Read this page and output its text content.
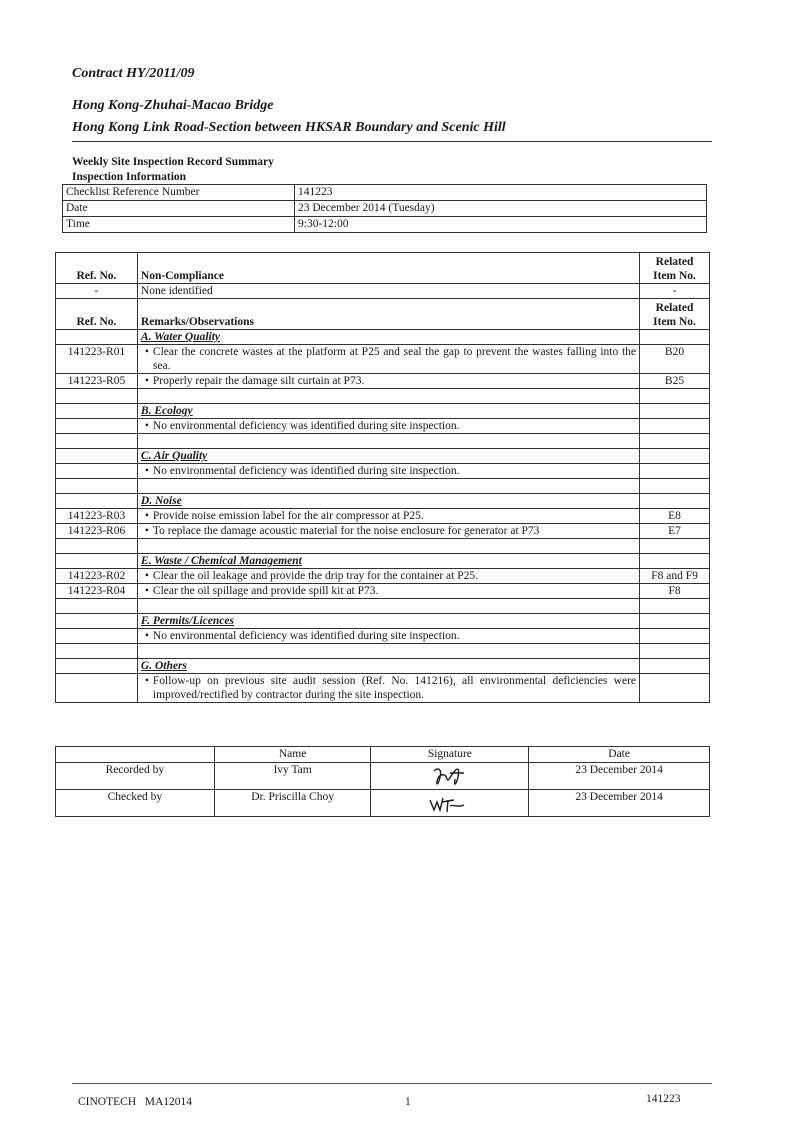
Contract HY/2011/09
Hong Kong-Zhuhai-Macao Bridge
Hong Kong Link Road-Section between HKSAR Boundary and Scenic Hill
Weekly Site Inspection Record Summary
Inspection Information
Checklist Reference Number	141223
Date	23 December 2014 (Tuesday)
Time	9:30-12:00
Ref. No.	Non-Compliance	Related
Item No.

-	None identified	-
Ref. No.	Remarks/Observations	Related
Item No.

	A. Water Quality	
141223-R01	• Clear the concrete wastes at the platform at P25 and seal the gap to prevent the wastes falling into the sea.	B20
141223-R05	• Properly repair the damage silt curtain at P73.	B25

	B. Ecology	

	• No environmental deficiency was identified during site inspection.	

	C. Air Quality	

	• No environmental deficiency was identified during site inspection.	

	D. Noise	
141223-R03	• Provide noise emission label for the air compressor at P25.	E8
141223-R06	• To replace the damage acoustic material for the noise enclosure for generator at P73	E7

	E. Waste / Chemical Management	
141223-R02	• Clear the oil leakage and provide the drip tray for the container at P25.	F8 and F9
141223-R04	• Clear the oil spillage and provide spill kit at P73.	F8

	F. Permits/Licences	

	• No environmental deficiency was identified during site inspection.	

	G. Others	

	• Follow-up on previous site audit session (Ref. No. 141216), all environmental deficiencies were improved/rectified by contractor during the site inspection.	

	Name	Signature	Date
Recorded by	Ivy Tam		23 December 2014
Checked by	Dr. Priscilla Choy		23 December 2014
CINOTECH   MA12014	1	141223
